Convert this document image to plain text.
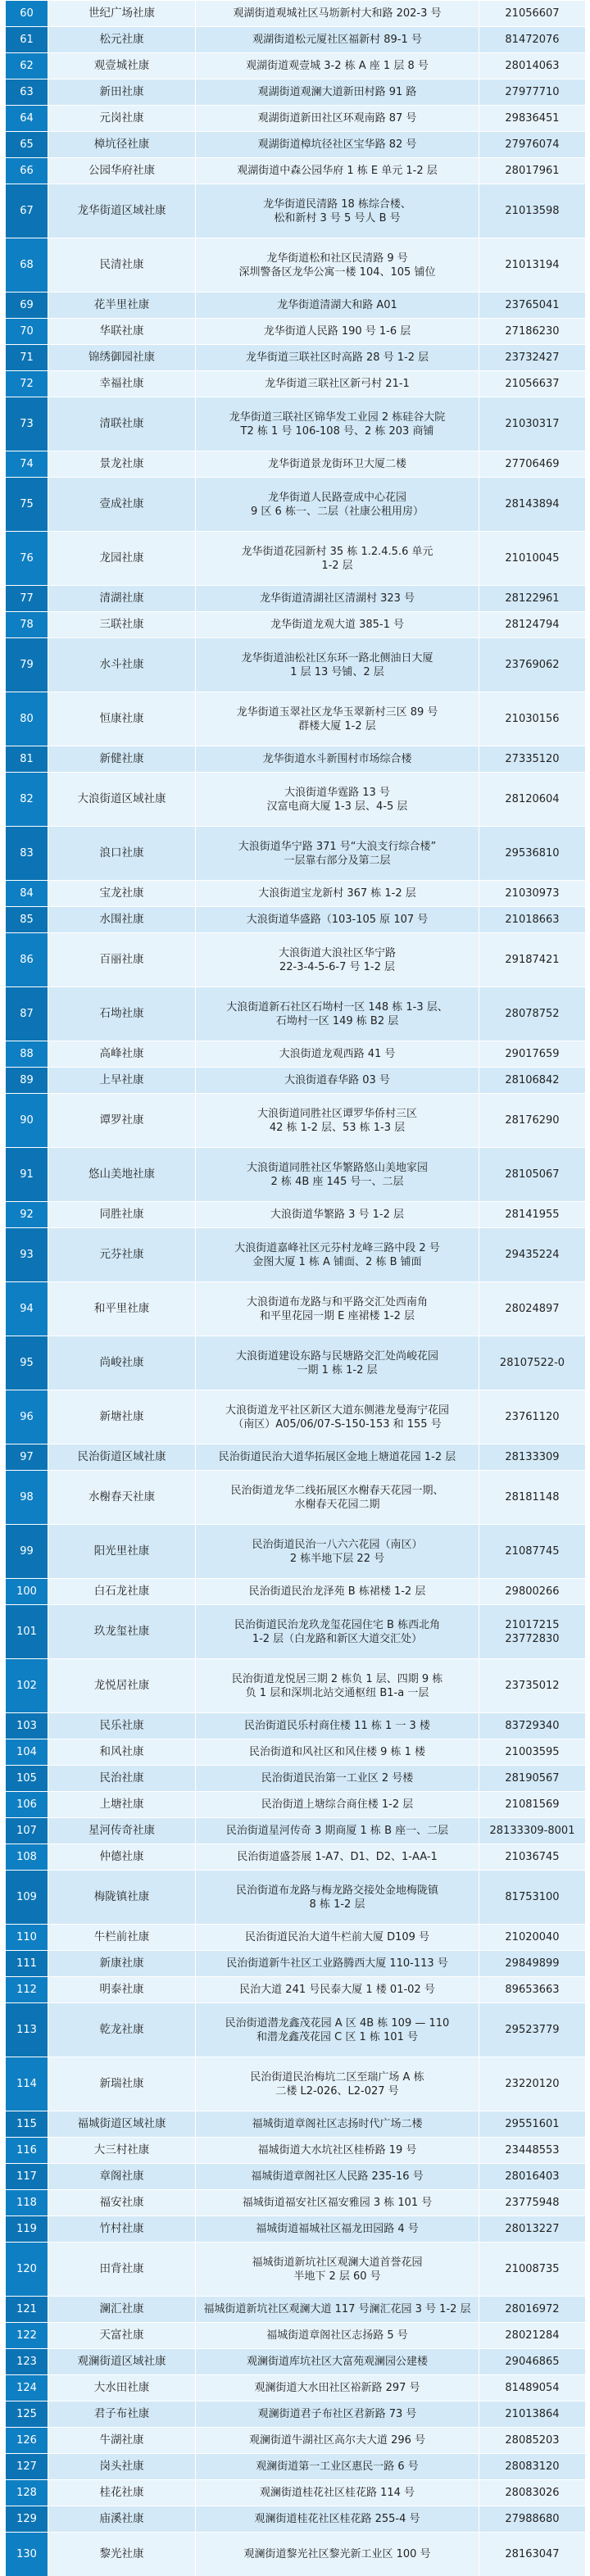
60	世纪广场社康	观湖街道观城社区马坜新村大和路 202-3 号	21056607
61	松元社康	观湖街道松元厦社区福新村 89-1 号	81472076
62	观壹城社康	观湖街道观壹城 3-2 栋 A 座 1 层 8 号	28014063
63	新田社康	观湖街道观澜大道新田村路 91 路	27977710
64	元岗社康	观湖街道新田社区环观南路 87 号	29836451
65	樟坑径社康	观湖街道樟坑径社区宝华路 82 号	27976074
66	公园华府社康	观湖街道中森公园华府 1 栋 E 单元 1-2 层	28017961
67	龙华街道区域社康	龙华街道民清路 18 栋综合楼、
松和新村 3 号 5 号人 B 号	21013598
68	民清社康	龙华街道松和社区民清路 9 号
深圳警备区龙华公寓一楼 104、105 铺位	21013194
69	花半里社康	龙华街道清湖大和路 A01	23765041
70	华联社康	龙华街道人民路 190 号 1-6 层	27186230
71	锦绣御园社康	龙华街道三联社区时高路 28 号 1-2 层	23732427
72	幸福社康	龙华街道三联社区新弓村 21-1	21056637
73	清联社康	龙华街道三联社区锦华发工业园 2 栋硅谷大院
T2 栋 1 号 106-108 号、2 栋 203 商铺	21030317
74	景龙社康	龙华街道景龙街环卫大厦二楼	27706469
75	壹成社康	龙华街道人民路壹成中心花园
9 区 6 栋一、二层（社康公租用房）	28143894
76	龙园社康	龙华街道花园新村 35 栋 1.2.4.5.6 单元
1-2 层	21010045
77	清湖社康	龙华街道清湖社区清湖村 323 号	28122961
78	三联社康	龙华街道龙观大道 385-1 号	28124794
79	水斗社康	龙华街道油松社区东环一路北侧油日大厦
1 层 13 号铺、2 层	23769062
80	恒康社康	龙华街道玉翠社区龙华玉翠新村三区 89 号
群楼大厦 1-2 层	21030156
81	新健社康	龙华街道水斗新围村市场综合楼	27335120
82	大浪街道区域社康	大浪街道华霆路 13 号
汉富电商大厦 1-3 层、4-5 层	28120604
83	浪口社康	大浪街道华宁路 371 号“大浪支行综合楼”
一层靠右部分及第二层	29536810
84	宝龙社康	大浪街道宝龙新村 367 栋 1-2 层	21030973
85	水围社康	大浪街道华盛路（103-105 原 107 号	21018663
86	百丽社康	大浪街道大浪社区华宁路
22-3-4-5-6-7 号 1-2 层	29187421
87	石坳社康	大浪街道新石社区石坳村一区 148 栋 1-3 层、
石坳村一区 149 栋 B2 层	28078752
88	高峰社康	大浪街道龙观西路 41 号	29017659
89	上早社康	大浪街道春华路 03 号	28106842
90	谭罗社康	大浪街道同胜社区谭罗华侨村三区
42 栋 1-2 层、53 栋 1-3 层	28176290
91	悠山美地社康	大浪街道同胜社区华繁路悠山美地家园
2 栋 4B 座 145 号一、二层	28105067
92	同胜社康	大浪街道华繁路 3 号 1-2 层	28141955
93	元芬社康	大浪街道嘉峰社区元芬村龙峰三路中段 2 号
金图大厦 1 栋 A 铺面、2 栋 B 铺面	29435224
94	和平里社康	大浪街道布龙路与和平路交汇处西南角
和平里花园一期 E 座裙楼 1-2 层	28024897
95	尚峻社康	大浪街道建设东路与民塘路交汇处尚峻花园
一期 1 栋 1-2 层	28107522-0
96	新塘社康	大浪街道龙平社区新区大道东侧港龙曼海宁花园
（南区）A05/06/07-S-150-153 和 155 号	23761120
97	民治街道区域社康	民治街道民治大道华拓展区金地上塘道花园 1-2 层	28133309
98	水榭春天社康	民治街道龙华二线拓展区水榭春天花园一期、
水榭春天花园二期	28181148
99	阳光里社康	民治街道民治一八六六花园（南区）
2 栋半地下层 22 号	21087745
100	白石龙社康	民治街道民治龙泽苑 B 栋裙楼 1-2 层	29800266
101	玖龙玺社康	民治街道民治龙玖龙玺花园住宅 B 栋西北角
1-2 层（白龙路和新区大道交汇处）	21017215
23772830
102	龙悦居社康	民治街道龙悦居三期 2 栋负 1 层、四期 9 栋
负 1 层和深圳北站交通枢纽 B1-a 一层	23735012
103	民乐社康	民治街道民乐村商住楼 11 栋 1 一 3 楼	83729340
104	和风社康	民治街道和风社区和风住楼 9 栋 1 楼	21003595
105	民治社康	民治街道民治第一工业区 2 号楼	28190567
106	上塘社康	民治街道上塘综合商住楼 1-2 层	21081569
107	星河传奇社康	民治街道星河传奇 3 期商厦 1 栋 B 座一、二层	28133309-8001
108	仲德社康	民治街道盛荟展 1-A7、D1、D2、1-AA-1	21036745
109	梅陇镇社康	民治街道布龙路与梅龙路交接处金地梅陇镇
8 栋 1-2 层	81753100
110	牛栏前社康	民治街道民治大道牛栏前大厦 D109 号	21020040
111	新康社康	民治街道新牛社区工业路腾西大厦 110-113 号	29849899
112	明泰社康	民治大道 241 号民泰大厦 1 楼 01-02 号	89653663
113	乾龙社康	民治街道潜龙鑫茂花园 A 区 4B 栋 109 — 110
和潜龙鑫茂花园 C 区 1 栋 101 号	29523779
114	新瑞社康	民治街道民治梅坑二区至瑞广场 A 栋
二楼 L2-026、L2-027 号	23220120
115	福城街道区域社康	福城街道章阁社区志扬时代广场二楼	29551601
116	大三村社康	福城街道大水坑社区桂桥路 19 号	23448553
117	章阁社康	福城街道章阁社区人民路 235-16 号	28016403
118	福安社康	福城街道福安社区福安雅园 3 栋 101 号	23775948
119	竹村社康	福城街道福城社区福龙田园路 4 号	28013227
120	田背社康	福城街道新坑社区观澜大道首誉花园
半地下 2 层 60 号	21008735
121	澜汇社康	福城街道新坑社区观澜大道 117 号澜汇花园 3 号 1-2 层	28016972
122	天富社康	福城街道章阁社区志扬路 5 号	28021284
123	观澜街道区域社康	观澜街道库坑社区大富苑观澜园公建楼	29046865
124	大水田社康	观澜街道大水田社区裕新路 297 号	81489054
125	君子布社康	观澜街道君子布社区君新路 73 号	21013864
126	牛湖社康	观澜街道牛湖社区高尔夫大道 296 号	28085203
127	岗头社康	观澜街道第一工业区惠民一路 6 号	28083120
128	桂花社康	观澜街道桂花社区桂花路 114 号	28083026
129	庙溪社康	观澜街道桂花社区桂花路 255-4 号	27988680
130	黎光社康	观澜街道黎光社区黎光新工业区 100 号	28163047
